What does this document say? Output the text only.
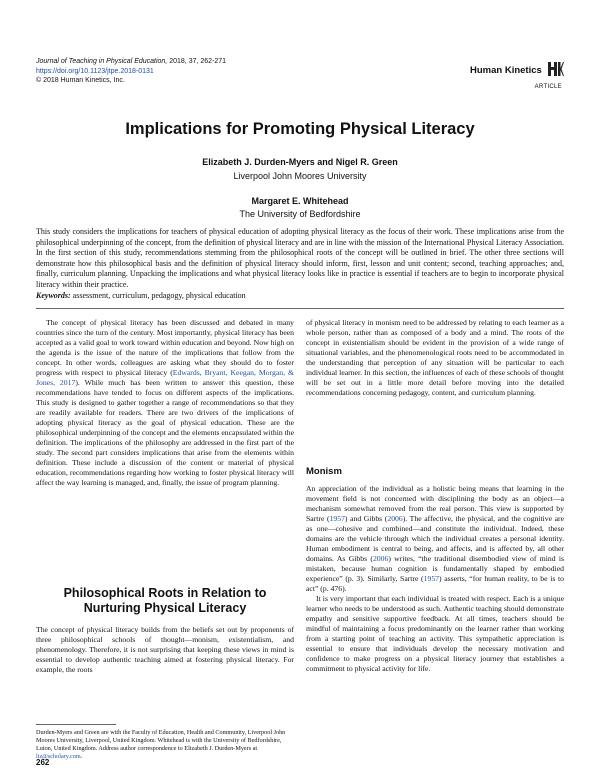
Journal of Teaching in Physical Education, 2018, 37, 262-271
https://doi.org/10.1123/jtpe.2018-0131
© 2018 Human Kinetics, Inc.
Human Kinetics
ARTICLE
Implications for Promoting Physical Literacy
Elizabeth J. Durden-Myers and Nigel R. Green
Liverpool John Moores University
Margaret E. Whitehead
The University of Bedfordshire
This study considers the implications for teachers of physical education of adopting physical literacy as the focus of their work. These implications arise from the philosophical underpinning of the concept, from the definition of physical literacy and are in line with the mission of the International Physical Literacy Association. In the first section of this study, recommendations stemming from the philosophical roots of the concept will be outlined in brief. The other three sections will demonstrate how this philosophical basis and the definition of physical literacy should inform, first, lesson and unit content; second, teaching approaches; and, finally, curriculum planning. Unpacking the implications and what physical literacy looks like in practice is essential if teachers are to begin to incorporate physical literacy within their practice.
Keywords: assessment, curriculum, pedagogy, physical education

The concept of physical literacy has been discussed and debated in many countries since the turn of the century. Most importantly, physical literacy has been accepted as a valid goal to work toward within education and beyond. Now high on the agenda is the issue of the nature of the implications that follow from the concept. In other words, colleagues are asking what they should do to foster progress with respect to physical literacy (Edwards, Bryant, Keegan, Morgan, & Jones, 2017). While much has been written to answer this question, these recommendations have tended to focus on different aspects of the implications. This study is designed to gather together a range of recommendations so that they are readily available for readers. There are two drivers of the implications of adopting physical literacy as the goal of physical education. These are the philosophical underpinning of the concept and the elements encapsulated within the definition. The implications of the philosophy are addressed in the first part of the study. The second part considers implications that arise from the elements within definition. These include a discussion of the content or material of physical education, recommendations regarding how working to foster physical literacy will affect the way learning is managed, and, finally, the issue of program planning.

Philosophical Roots in Relation to
Nurturing Physical Literacy

The concept of physical literacy builds from the beliefs set out by proponents of three philosophical schools of thought—monism, existentialism, and phenomenology. Therefore, it is not surprising that keeping these views in mind is essential to develop authentic teaching aimed at fostering physical literacy. For example, the roots

Durden-Myers and Green are with the Faculty of Education, Health and Community, Liverpool John Moores University, Liverpool, United Kingdom. Whitehead is with the University of Bedfordshire, Luton, United Kingdom. Address author correspondence to Elizabeth J. Durden-Myers at liz@scholary.com.
262

of physical literacy in monism need to be addressed by relating to each learner as a whole person, rather than as composed of a body and a mind. The roots of the concept in existentialism should be evident in the provision of a wide range of situational variables, and the phenomenological roots need to be accommodated in the understanding that perception of any situation will be particular to each individual learner. In this section, the influences of each of these schools of thought will be set out in a little more detail before moving into the detailed recommendations concerning pedagogy, content, and curriculum planning.

Monism

An appreciation of the individual as a holistic being means that learning in the movement field is not concerned with disciplining the body as an object—a mechanism somewhat removed from the real person. This view is supported by Sartre (1957) and Gibbs (2006). The affective, the physical, and the cognitive are as one—cohesive and combined—and constitute the individual. Indeed, these domains are the vehicle through which the individual creates a personal identity. Human embodiment is central to being, and affects, and is affected by, all other domains. As Gibbs (2006) writes, “the traditional disembodied view of mind is mistaken, because human cognition is fundamentally shaped by embodied experience” (p. 3). Similarly, Sartre (1957) asserts, “for human reality, to be is to act” (p. 476).

It is very important that each individual is treated with respect. Each is a unique learner who needs to be understood as such. Authentic teaching should demonstrate empathy and sensitive supportive feedback. At all times, teachers should be mindful of maintaining a focus predominantly on the learner rather than working from a starting point of teaching an activity. This sympathetic appreciation is essential to ensure that individuals develop the necessary motivation and confidence to make progress on a physical literacy journey that establishes a commitment to physical activity for life.
